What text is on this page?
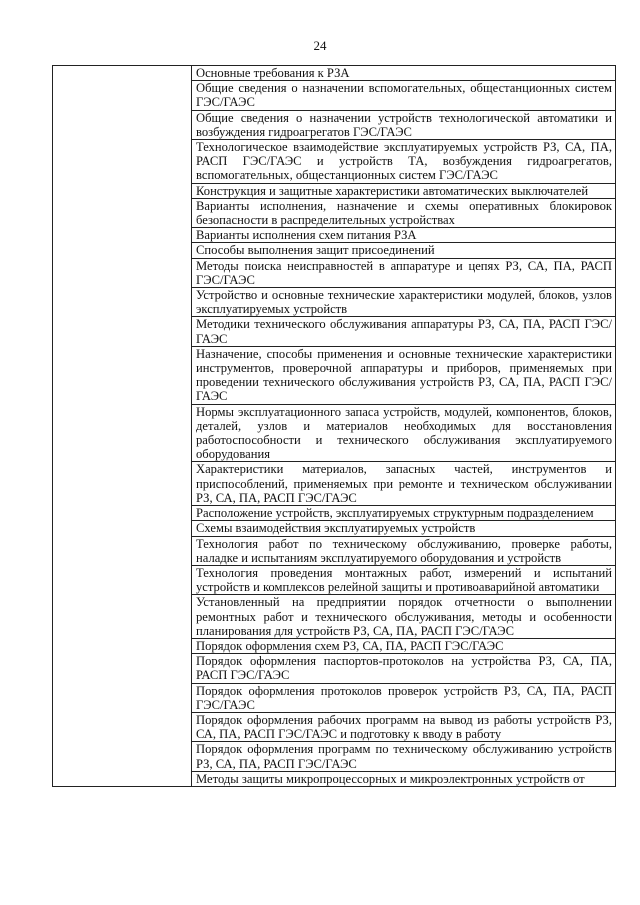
24
	Основные требования к РЗА
Общие сведения о назначении вспомогательных, общестанционных систем ГЭС/ГАЭС
Общие сведения о назначении устройств технологической автоматики и возбуждения гидроагрегатов ГЭС/ГАЭС
Технологическое взаимодействие эксплуатируемых устройств РЗ, СА, ПА, РАСП ГЭС/ГАЭС и устройств ТА, возбуждения гидроагрегатов, вспомогательных, общестанционных систем ГЭС/ГАЭС
Конструкция и защитные характеристики автоматических выключателей
Варианты исполнения, назначение и схемы оперативных блокировок безопасности в распределительных устройствах
Варианты исполнения схем питания РЗА
Способы выполнения защит присоединений
Методы поиска неисправностей в аппаратуре и цепях РЗ, СА, ПА, РАСП ГЭС/ГАЭС
Устройство и основные технические характеристики модулей, блоков, узлов эксплуатируемых устройств
Методики технического обслуживания аппаратуры РЗ, СА, ПА, РАСП ГЭС/ГАЭС
Назначение, способы применения и основные технические характеристики инструментов, проверочной аппаратуры и приборов, применяемых при проведении технического обслуживания устройств РЗ, СА, ПА, РАСП ГЭС/ГАЭС
Нормы эксплуатационного запаса устройств, модулей, компонентов, блоков, деталей, узлов и материалов необходимых для восстановления работоспособности и технического обслуживания эксплуатируемого оборудования
Характеристики материалов, запасных частей, инструментов и приспособлений, применяемых при ремонте и техническом обслуживании РЗ, СА, ПА, РАСП ГЭС/ГАЭС
Расположение устройств, эксплуатируемых структурным подразделением
Схемы взаимодействия эксплуатируемых устройств
Технология работ по техническому обслуживанию, проверке работы, наладке и испытаниям эксплуатируемого оборудования и устройств
Технология проведения монтажных работ, измерений и испытаний устройств и комплексов релейной защиты и противоаварийной автоматики
Установленный на предприятии порядок отчетности о выполнении ремонтных работ и технического обслуживания, методы и особенности планирования для устройств РЗ, СА, ПА, РАСП ГЭС/ГАЭС
Порядок оформления схем РЗ, СА, ПА, РАСП ГЭС/ГАЭС
Порядок оформления паспортов-протоколов на устройства РЗ, СА, ПА, РАСП ГЭС/ГАЭС
Порядок оформления протоколов проверок устройств РЗ, СА, ПА, РАСП ГЭС/ГАЭС
Порядок оформления рабочих программ на вывод из работы устройств РЗ, СА, ПА, РАСП ГЭС/ГАЭС и подготовку к вводу в работу
Порядок оформления программ по техническому обслуживанию устройств РЗ, СА, ПА, РАСП ГЭС/ГАЭС
Методы защиты микропроцессорных и микроэлектронных устройств от
